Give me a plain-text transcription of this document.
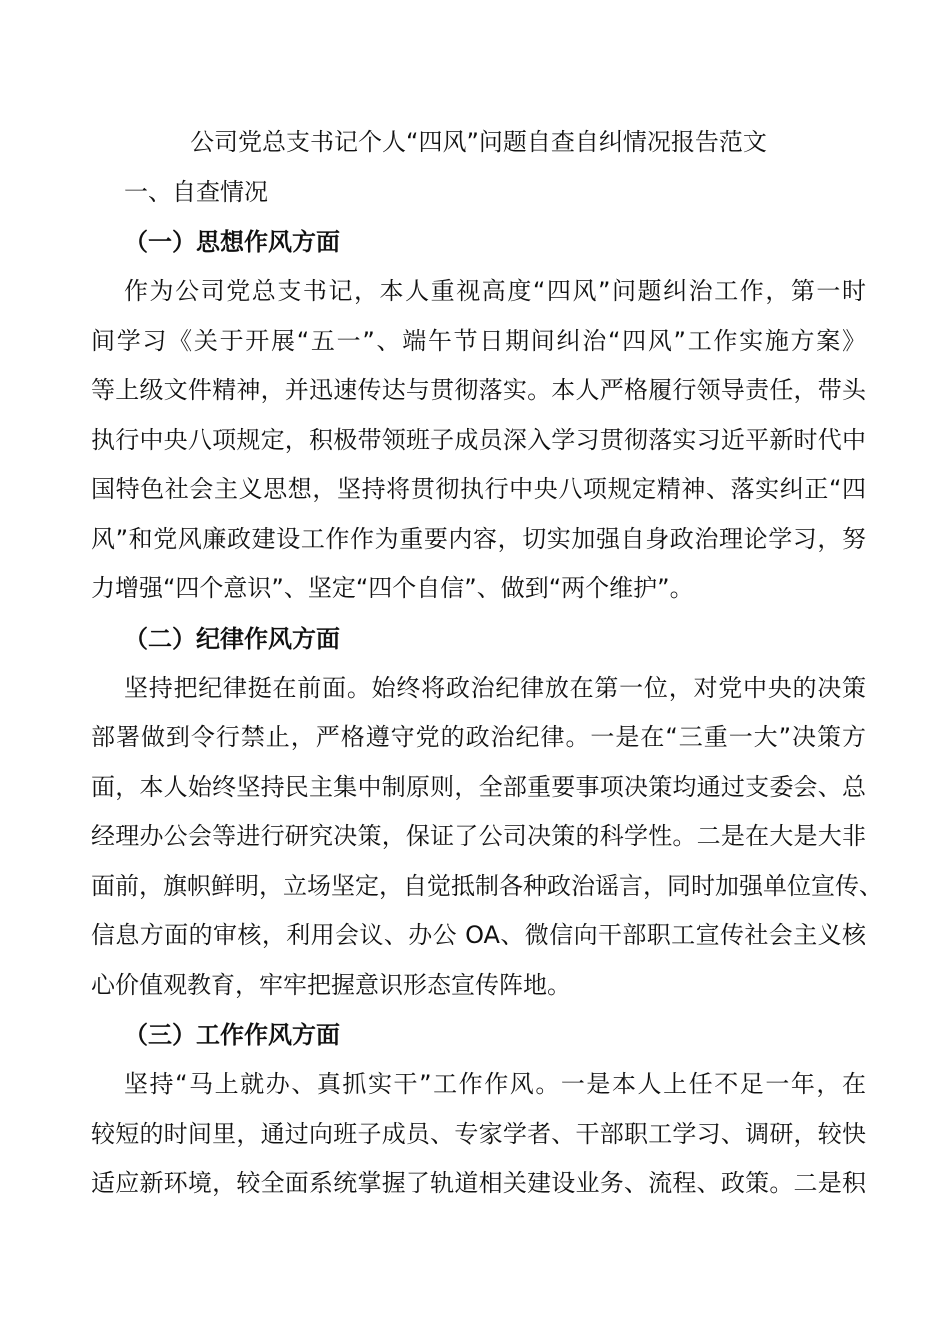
公司党总支书记个人“四风”问题自查自纠情况报告范文
一、自查情况
（一）思想作风方面
作为公司党总支书记，本人重视高度“四风”问题纠治工作，第一时
间学习《关于开展“五一”、端午节日期间纠治“四风”工作实施方案》
等上级文件精神，并迅速传达与贯彻落实。本人严格履行领导责任，带头
执行中央八项规定，积极带领班子成员深入学习贯彻落实习近平新时代中
国特色社会主义思想，坚持将贯彻执行中央八项规定精神、落实纠正“四
风”和党风廉政建设工作作为重要内容，切实加强自身政治理论学习，努
力增强“四个意识”、坚定“四个自信”、做到“两个维护”。
（二）纪律作风方面
坚持把纪律挺在前面。始终将政治纪律放在第一位，对党中央的决策
部署做到令行禁止，严格遵守党的政治纪律。一是在“三重一大”决策方
面，本人始终坚持民主集中制原则，全部重要事项决策均通过支委会、总
经理办公会等进行研究决策，保证了公司决策的科学性。二是在大是大非
面前，旗帜鲜明，立场坚定，自觉抵制各种政治谣言，同时加强单位宣传、
信息方面的审核，利用会议、办公 OA、微信向干部职工宣传社会主义核
心价值观教育，牢牢把握意识形态宣传阵地。
（三）工作作风方面
坚持“马上就办、真抓实干”工作作风。一是本人上任不足一年，在
较短的时间里，通过向班子成员、专家学者、干部职工学习、调研，较快
适应新环境，较全面系统掌握了轨道相关建设业务、流程、政策。二是积
